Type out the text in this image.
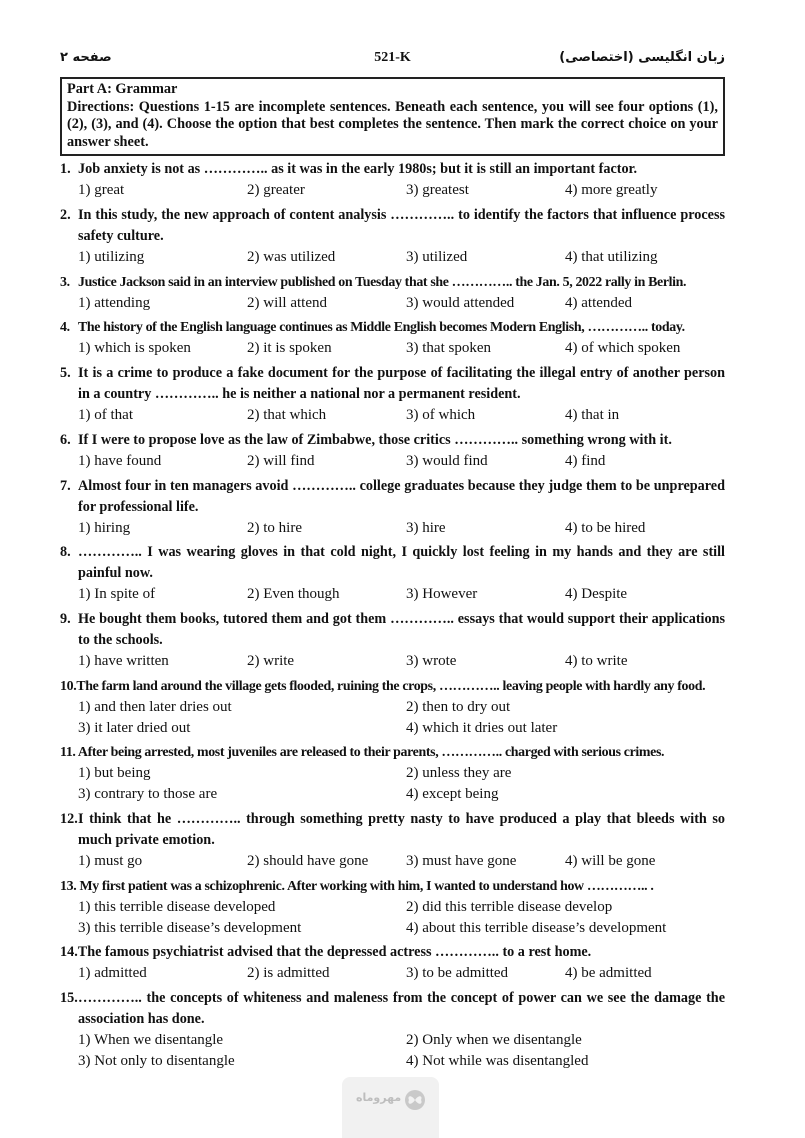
زبان انگلیسی (اختصاصی)
521-K
صفحه ۲
Part A: Grammar
Directions: Questions 1-15 are incomplete sentences. Beneath each sentence, you will see four options (1), (2), (3), and (4). Choose the option that best completes the sentence. Then mark the correct choice on your answer sheet.
1. Job anxiety is not as ………….. as it was in the early 1980s; but it is still an important factor.
1) great	2) greater	3) greatest	4) more greatly
2. In this study, the new approach of content analysis ………….. to identify the factors that influence process safety culture.
1) utilizing	2) was utilized	3) utilized	4) that utilizing
3. Justice Jackson said in an interview published on Tuesday that she ………….. the Jan. 5, 2022 rally in Berlin.
1) attending	2) will attend	3) would attended	4) attended
4. The history of the English language continues as Middle English becomes Modern English, ………….. today.
1) which is spoken	2) it is spoken	3) that spoken	4) of which spoken
5. It is a crime to produce a fake document for the purpose of facilitating the illegal entry of another person in a country ………….. he is neither a national nor a permanent resident.
1) of that	2) that which	3) of which	4) that in
6. If I were to propose love as the law of Zimbabwe, those critics ………….. something wrong with it.
1) have found	2) will find	3) would find	4) find
7. Almost four in ten managers avoid ………….. college graduates because they judge them to be unprepared for professional life.
1) hiring	2) to hire	3) hire	4) to be hired
8. ………….. I was wearing gloves in that cold night, I quickly lost feeling in my hands and they are still painful now.
1) In spite of	2) Even though	3) However	4) Despite
9. He bought them books, tutored them and got them ………….. essays that would support their applications to the schools.
1) have written	2) write	3) wrote	4) to write
10.The farm land around the village gets flooded, ruining the crops, ………….. leaving people with hardly any food.
1) and then later dries out	2) then to dry out
3) it later dried out	4) which it dries out later
11. After being arrested, most juveniles are released to their parents, ………….. charged with serious crimes.
1) but being	2) unless they are
3) contrary to those are	4) except being
12. I think that he ………….. through something pretty nasty to have produced a play that bleeds with so much private emotion.
1) must go	2) should have gone	3) must have gone	4) will be gone
13. My first patient was a schizophrenic. After working with him, I wanted to understand how ………….. .
1) this terrible disease developed	2) did this terrible disease develop
3) this terrible disease’s development	4) about this terrible disease’s development
14.The famous psychiatrist advised that the depressed actress ………….. to a rest home.
1) admitted	2) is admitted	3) to be admitted	4) be admitted
15. ………….. the concepts of whiteness and maleness from the concept of power can we see the damage the association has done.
1) When we disentangle	2) Only when we disentangle
3) Not only to disentangle	4) Not while was disentangled
مهروماه
